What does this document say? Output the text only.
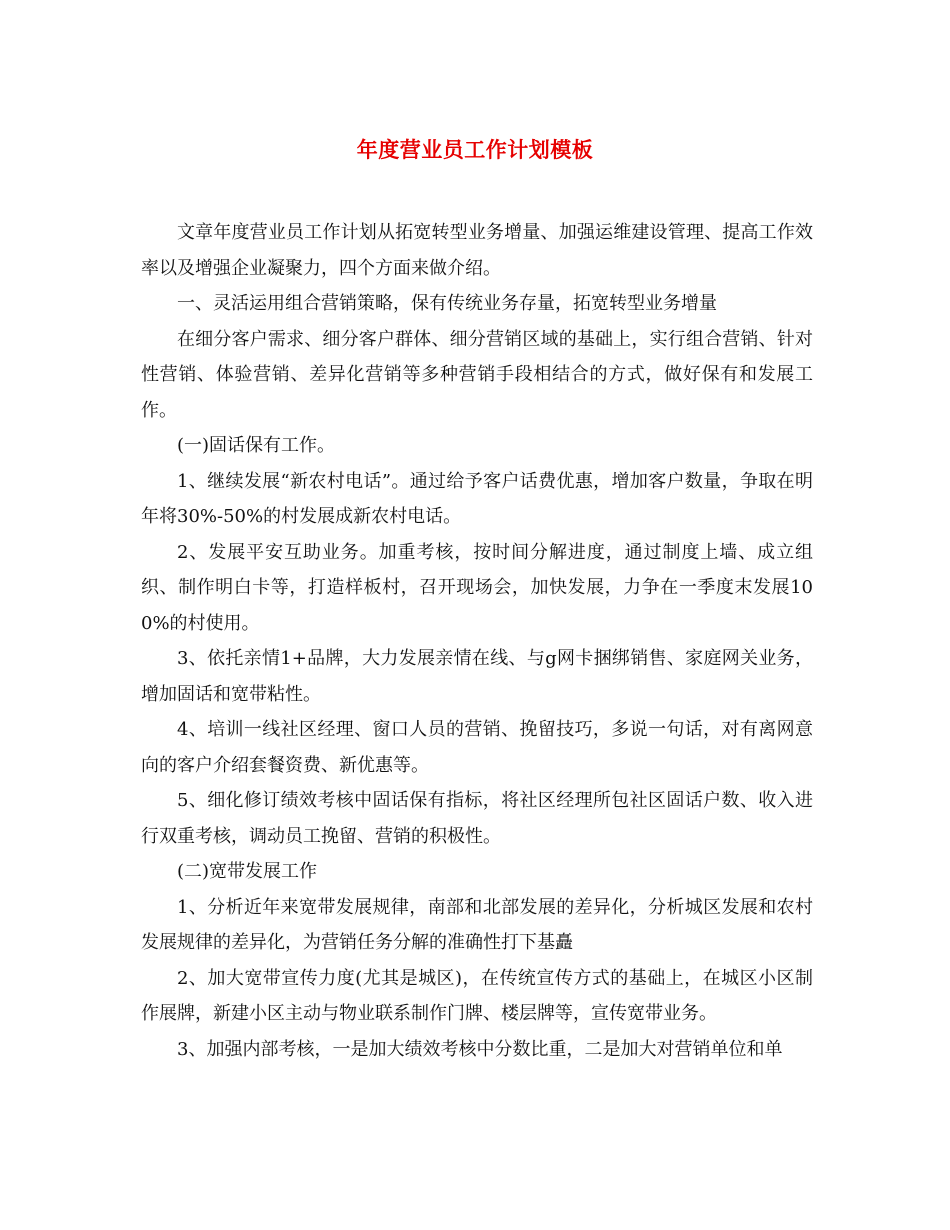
年度营业员工作计划模板

文章年度营业员工作计划从拓宽转型业务增量、加强运维建设管理、提高工作效率以及增强企业凝聚力，四个方面来做介绍。

一、灵活运用组合营销策略，保有传统业务存量，拓宽转型业务增量

在细分客户需求、细分客户群体、细分营销区域的基础上，实行组合营销、针对性营销、体验营销、差异化营销等多种营销手段相结合的方式，做好保有和发展工作。

(一)固话保有工作。

1、继续发展“新农村电话”。通过给予客户话费优惠，增加客户数量，争取在明年将30%-50%的村发展成新农村电话。

2、发展平安互助业务。加重考核，按时间分解进度，通过制度上墙、成立组织、制作明白卡等，打造样板村，召开现场会，加快发展，力争在一季度末发展100%的村使用。

3、依托亲情1+品牌，大力发展亲情在线、与g网卡捆绑销售、家庭网关业务，增加固话和宽带粘性。

4、培训一线社区经理、窗口人员的营销、挽留技巧，多说一句话，对有离网意向的客户介绍套餐资费、新优惠等。

5、细化修订绩效考核中固话保有指标，将社区经理所包社区固话户数、收入进行双重考核，调动员工挽留、营销的积极性。

(二)宽带发展工作

1、分析近年来宽带发展规律，南部和北部发展的差异化，分析城区发展和农村发展规律的差异化，为营销任务分解的准确性打下基矗

2、加大宽带宣传力度(尤其是城区)，在传统宣传方式的基础上，在城区小区制作展牌，新建小区主动与物业联系制作门牌、楼层牌等，宣传宽带业务。

3、加强内部考核，一是加大绩效考核中分数比重，二是加大对营销单位和单
